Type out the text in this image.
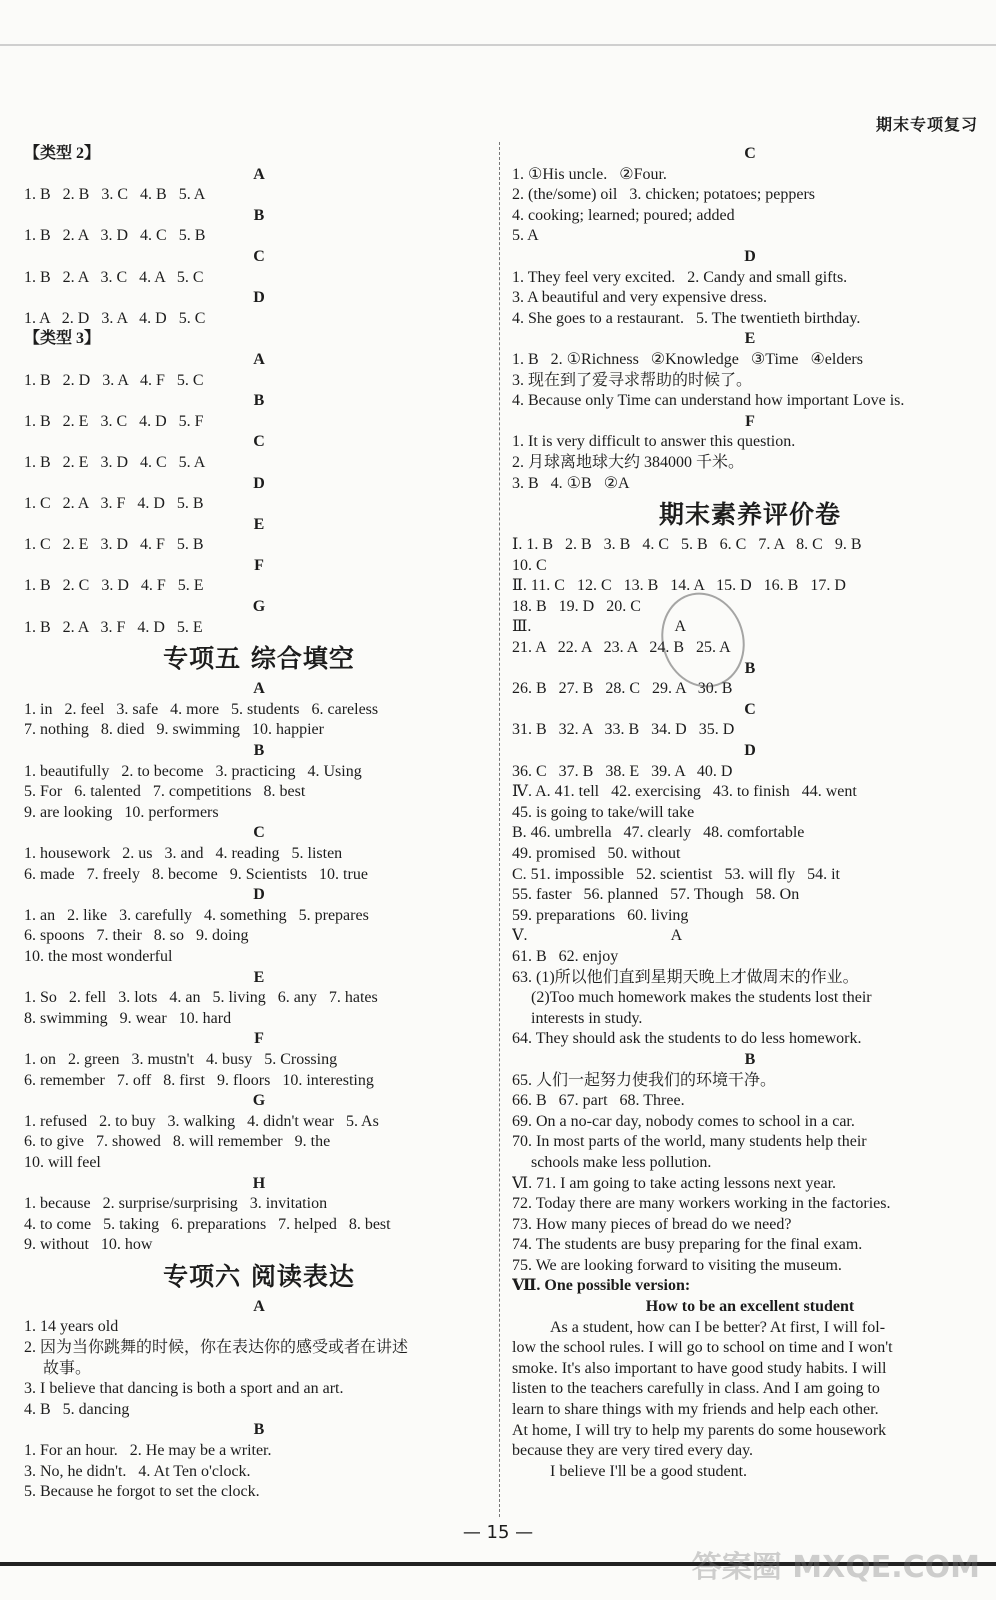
期末专项复习
【类型 2】
A
1. B   2. B   3. C   4. B   5. A
B
1. B   2. A   3. D   4. C   5. B
C
1. B   2. A   3. C   4. A   5. C
D
1. A   2. D   3. A   4. D   5. C
【类型 3】
A
1. B   2. D   3. A   4. F   5. C
B
1. B   2. E   3. C   4. D   5. F
C
1. B   2. E   3. D   4. C   5. A
D
1. C   2. A   3. F   4. D   5. B
E
1. C   2. E   3. D   4. F   5. B
F
1. B   2. C   3. D   4. F   5. E
G
1. B   2. A   3. F   4. D   5. E
专项五 综合填空
A
1. in   2. feel   3. safe   4. more   5. students   6. careless
7. nothing   8. died   9. swimming   10. happier
B
1. beautifully   2. to become   3. practicing   4. Using
5. For   6. talented   7. competitions   8. best
9. are looking   10. performers
C
1. housework   2. us   3. and   4. reading   5. listen
6. made   7. freely   8. become   9. Scientists   10. true
D
1. an   2. like   3. carefully   4. something   5. prepares
6. spoons   7. their   8. so   9. doing
10. the most wonderful
E
1. So   2. fell   3. lots   4. an   5. living   6. any   7. hates
8. swimming   9. wear   10. hard
F
1. on   2. green   3. mustn't   4. busy   5. Crossing
6. remember   7. off   8. first   9. floors   10. interesting
G
1. refused   2. to buy   3. walking   4. didn't wear   5. As
6. to give   7. showed   8. will remember   9. the
10. will feel
H
1. because   2. surprise/surprising   3. invitation
4. to come   5. taking   6. preparations   7. helped   8. best
9. without   10. how
专项六 阅读表达
A
1. 14 years old
2. 因为当你跳舞的时候，你在表达你的感受或者在讲述
故事。
3. I believe that dancing is both a sport and an art.
4. B   5. dancing
B
1. For an hour.   2. He may be a writer.
3. No, he didn't.   4. At Ten o'clock.
5. Because he forgot to set the clock.
C
1. ①His uncle.   ②Four.
2. (the/some) oil   3. chicken; potatoes; peppers
4. cooking; learned; poured; added
5. A
D
1. They feel very excited.   2. Candy and small gifts.
3. A beautiful and very expensive dress.
4. She goes to a restaurant.   5. The twentieth birthday.
E
1. B   2. ①Richness   ②Knowledge   ③Time   ④elders
3. 现在到了爱寻求帮助的时候了。
4. Because only Time can understand how important Love is.
F
1. It is very difficult to answer this question.
2. 月球离地球大约 384000 千米。
3. B   4. ①B   ②A
期末素养评价卷
Ⅰ. 1. B   2. B   3. B   4. C   5. B   6. C   7. A   8. C   9. B
10. C
Ⅱ. 11. C   12. C   13. B   14. A   15. D   16. B   17. D
18. B   19. D   20. C
Ⅲ.                                    A
21. A   22. A   23. A   24. B   25. A
B
26. B   27. B   28. C   29. A   30. B
C
31. B   32. A   33. B   34. D   35. D
D
36. C   37. B   38. E   39. A   40. D
Ⅳ. A. 41. tell   42. exercising   43. to finish   44. went
45. is going to take/will take
B. 46. umbrella   47. clearly   48. comfortable
49. promised   50. without
C. 51. impossible   52. scientist   53. will fly   54. it
55. faster   56. planned   57. Though   58. On
59. preparations   60. living
Ⅴ.                                    A
61. B   62. enjoy
63. (1)所以他们直到星期天晚上才做周末的作业。
(2)Too much homework makes the students lost their
interests in study.
64. They should ask the students to do less homework.
B
65. 人们一起努力使我们的环境干净。
66. B   67. part   68. Three.
69. On a no-car day, nobody comes to school in a car.
70. In most parts of the world, many students help their
schools make less pollution.
Ⅵ. 71. I am going to take acting lessons next year.
72. Today there are many workers working in the factories.
73. How many pieces of bread do we need?
74. The students are busy preparing for the final exam.
75. We are looking forward to visiting the museum.
Ⅶ. One possible version:
How to be an excellent student
As a student, how can I be better? At first, I will fol-
low the school rules. I will go to school on time and I won't
smoke. It's also important to have good study habits. I will
listen to the teachers carefully in class. And I am going to
learn to share things with my friends and help each other.
At home, I will try to help my parents do some housework
because they are very tired every day.
I believe I'll be a good student.
— 15 —
答案圈 MXQE.COM
